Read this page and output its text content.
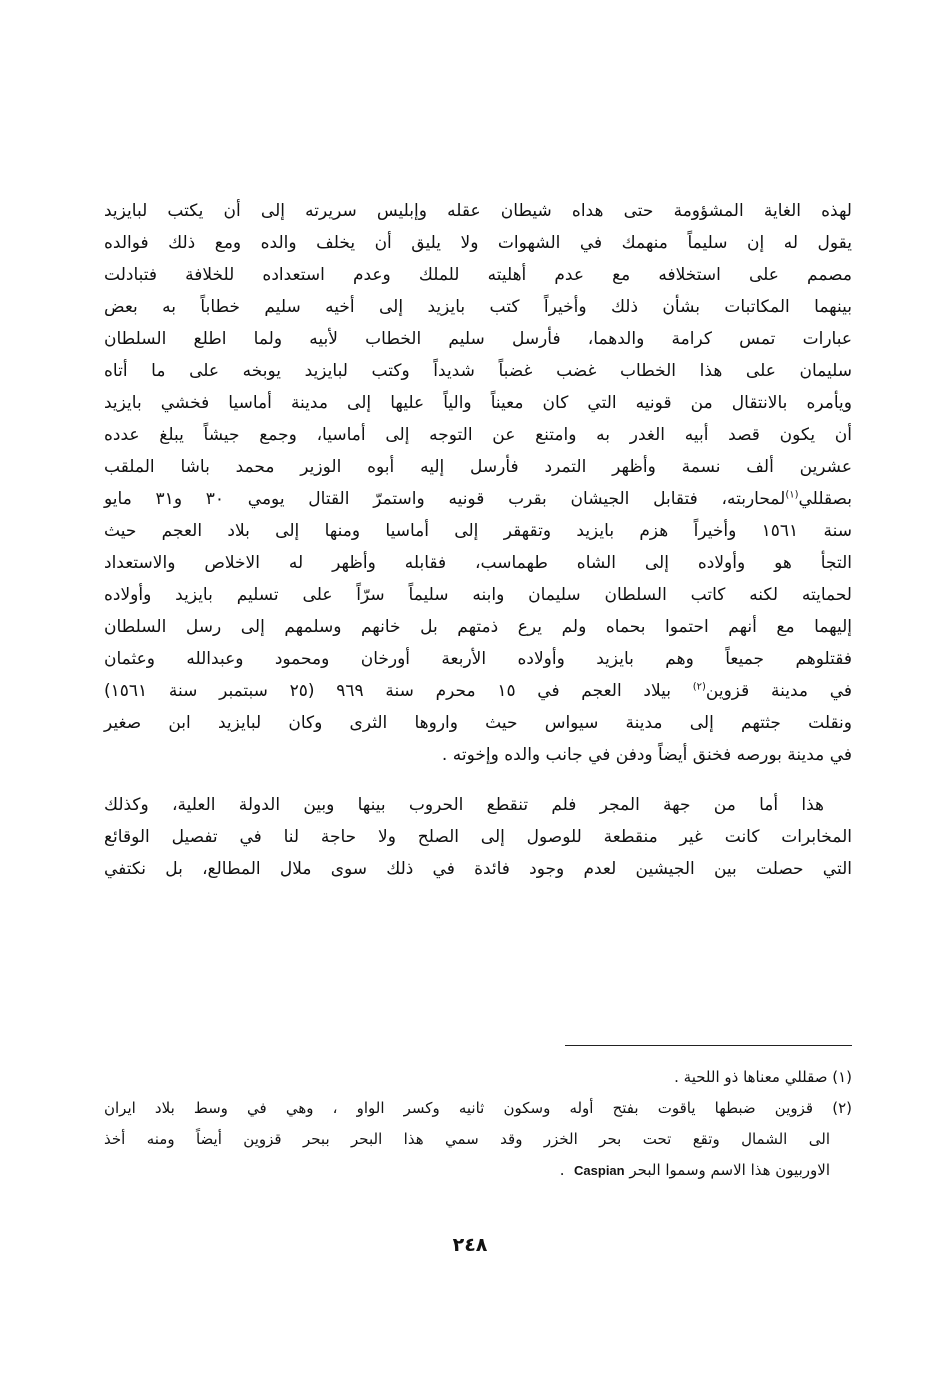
لهذه الغاية المشؤومة حتى هداه شيطان عقله وإبليس سريرته إلى أن يكتب لبايزيد
يقول له إن سليماً منهمك في الشهوات ولا يليق أن يخلف والده ومع ذلك فوالده
مصمم على استخلافه مع عدم أهليته للملك وعدم استعداده للخلافة فتبادلت
بينهما المكاتبات بشأن ذلك وأخيراً كتب بايزيد إلى أخيه سليم خطاباً به بعض
عبارات تمس كرامة والدهما، فأرسل سليم الخطاب لأبيه ولما اطلع السلطان
سليمان على هذا الخطاب غضب غضباً شديداً وكتب لبايزيد يوبخه على ما أتاه
ويأمره بالانتقال من قونيه التي كان معيناً والياً عليها إلى مدينة أماسيا فخشي بايزيد
أن يكون قصد أبيه الغدر به وامتنع عن التوجه إلى أماسيا، وجمع جيشاً يبلغ عدده
عشرين ألف نسمة وأظهر التمرد فأرسل إليه أبوه الوزير محمد باشا الملقب
بصقللي$^{(١)}$لمحاربته، فتقابل الجيشان بقرب قونيه واستمرّ القتال يومي ٣٠ و٣١ مايو
سنة ١٥٦١ وأخيراً هزم بايزيد وتقهقر إلى أماسيا ومنها إلى بلاد العجم حيث
التجأ هو وأولاده إلى الشاه طهماسب، فقابله وأظهر له الاخلاص والاستعداد
لحمايته لكنه كاتب السلطان سليمان وابنه سليماً سرّاً على تسليم بايزيد وأولاده
إليهما مع أنهم احتموا بحماه ولم يرع ذمتهم بل خانهم وسلمهم إلى رسل السلطان
فقتلوهم جميعاً وهم بايزيد وأولاده الأربعة أورخان ومحمود وعبدالله وعثمان
في مدينة قزوين$^{(٢)}$ بيلاد العجم في ١٥ محرم سنة ٩٦٩ (٢٥ سبتمبر سنة ١٥٦١)
ونقلت جثتهم إلى مدينة سيواس حيث واروها الثرى وكان لبايزيد ابن صغير
في مدينة بورصه فخنق أيضاً ودفن في جانب والده وإخوته .
هذا أما من جهة المجر فلم تنقطع الحروب بينها وبين الدولة العلية، وكذلك
المخابرات كانت غير منقطعة للوصول إلى الصلح ولا حاجة لنا في تفصيل الوقائع
التي حصلت بين الجيشين لعدم وجود فائدة في ذلك سوى ملال المطالع، بل نكتفي
(١) صقللي معناها ذو اللحية .
(٢) قزوين ضبطها ياقوت بفتح أوله وسكون ثانيه وكسر الواو ، وهي في وسط بلاد ايران
الى الشمال وتقع تحت بحر الخزر وقد سمي هذا البحر ببحر قزوين أيضاً ومنه أخذ
الاوربيون هذا الاسم وسموا البحر Caspian  .
٢٤٨
